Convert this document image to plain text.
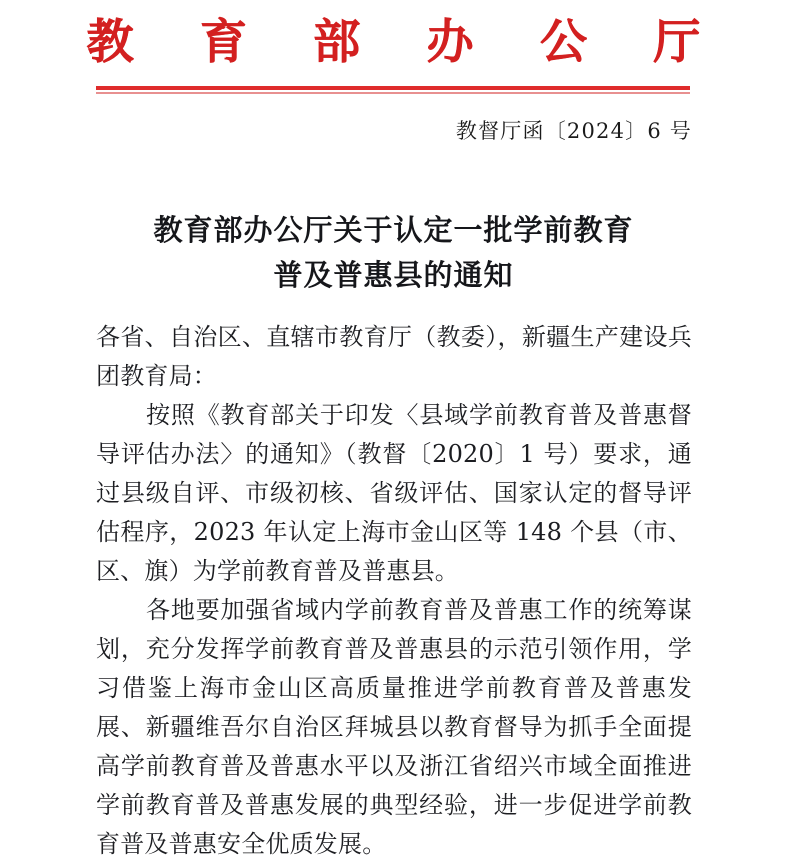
教 育 部 办 公 厅
教督厅函〔2024〕6 号
教育部办公厅关于认定一批学前教育
普及普惠县的通知

各省、自治区、直辖市教育厅（教委），新疆生产建设兵团教育局：

按照《教育部关于印发〈县域学前教育普及普惠督导评估办法〉的通知》（教督〔2020〕1 号）要求，通过县级自评、市级初核、省级评估、国家认定的督导评估程序，2023 年认定上海市金山区等 148 个县（市、区、旗）为学前教育普及普惠县。

各地要加强省域内学前教育普及普惠工作的统筹谋划，充分发挥学前教育普及普惠县的示范引领作用，学习借鉴上海市金山区高质量推进学前教育普及普惠发展、新疆维吾尔自治区拜城县以教育督导为抓手全面提高学前教育普及普惠水平以及浙江省绍兴市域全面推进学前教育普及普惠发展的典型经验，进一步促进学前教育普及普惠安全优质发展。
